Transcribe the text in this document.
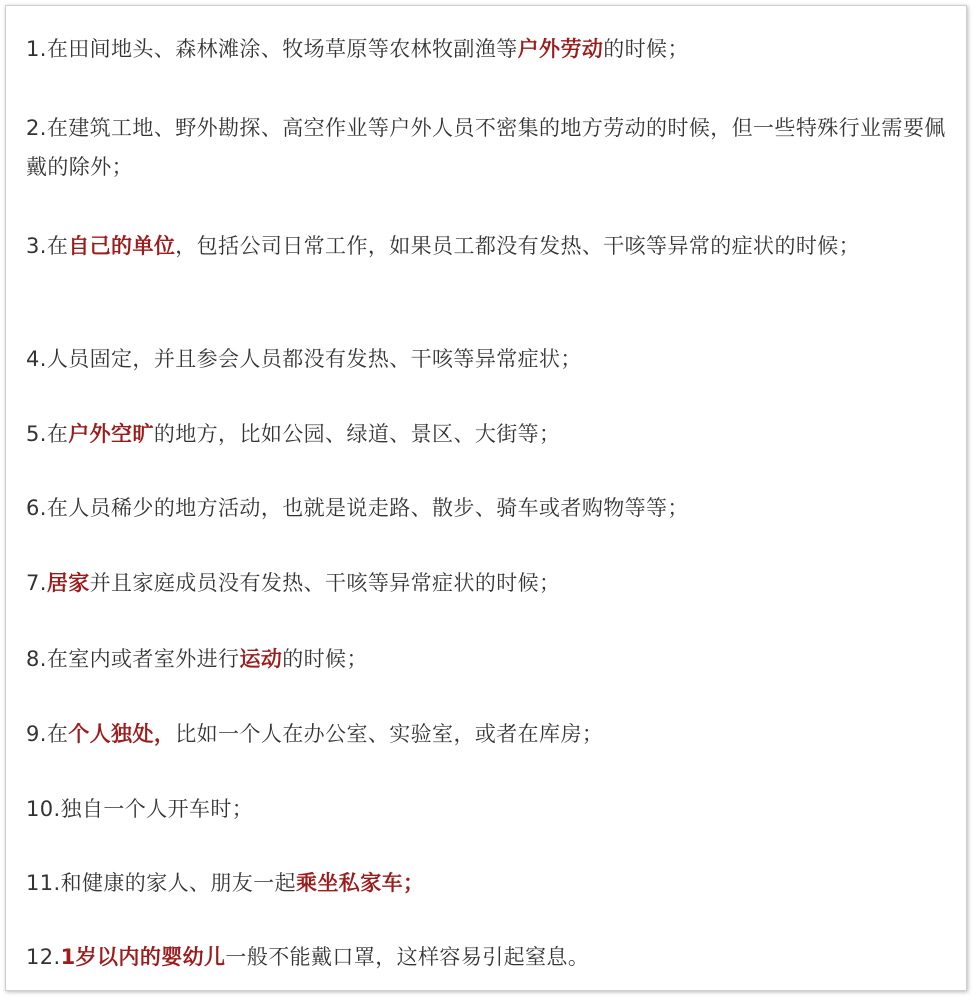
1.在田间地头、森林滩涂、牧场草原等农林牧副渔等户外劳动的时候；
2.在建筑工地、野外勘探、高空作业等户外人员不密集的地方劳动的时候，但一些特殊行业需要佩戴的除外；
3.在自己的单位，包括公司日常工作，如果员工都没有发热、干咳等异常的症状的时候；
4.人员固定，并且参会人员都没有发热、干咳等异常症状；
5.在户外空旷的地方，比如公园、绿道、景区、大街等；
6.在人员稀少的地方活动，也就是说走路、散步、骑车或者购物等等；
7.居家并且家庭成员没有发热、干咳等异常症状的时候；
8.在室内或者室外进行运动的时候；
9.在个人独处，比如一个人在办公室、实验室，或者在库房；
10.独自一个人开车时；
11.和健康的家人、朋友一起乘坐私家车；
12.1岁以内的婴幼儿一般不能戴口罩，这样容易引起窒息。
